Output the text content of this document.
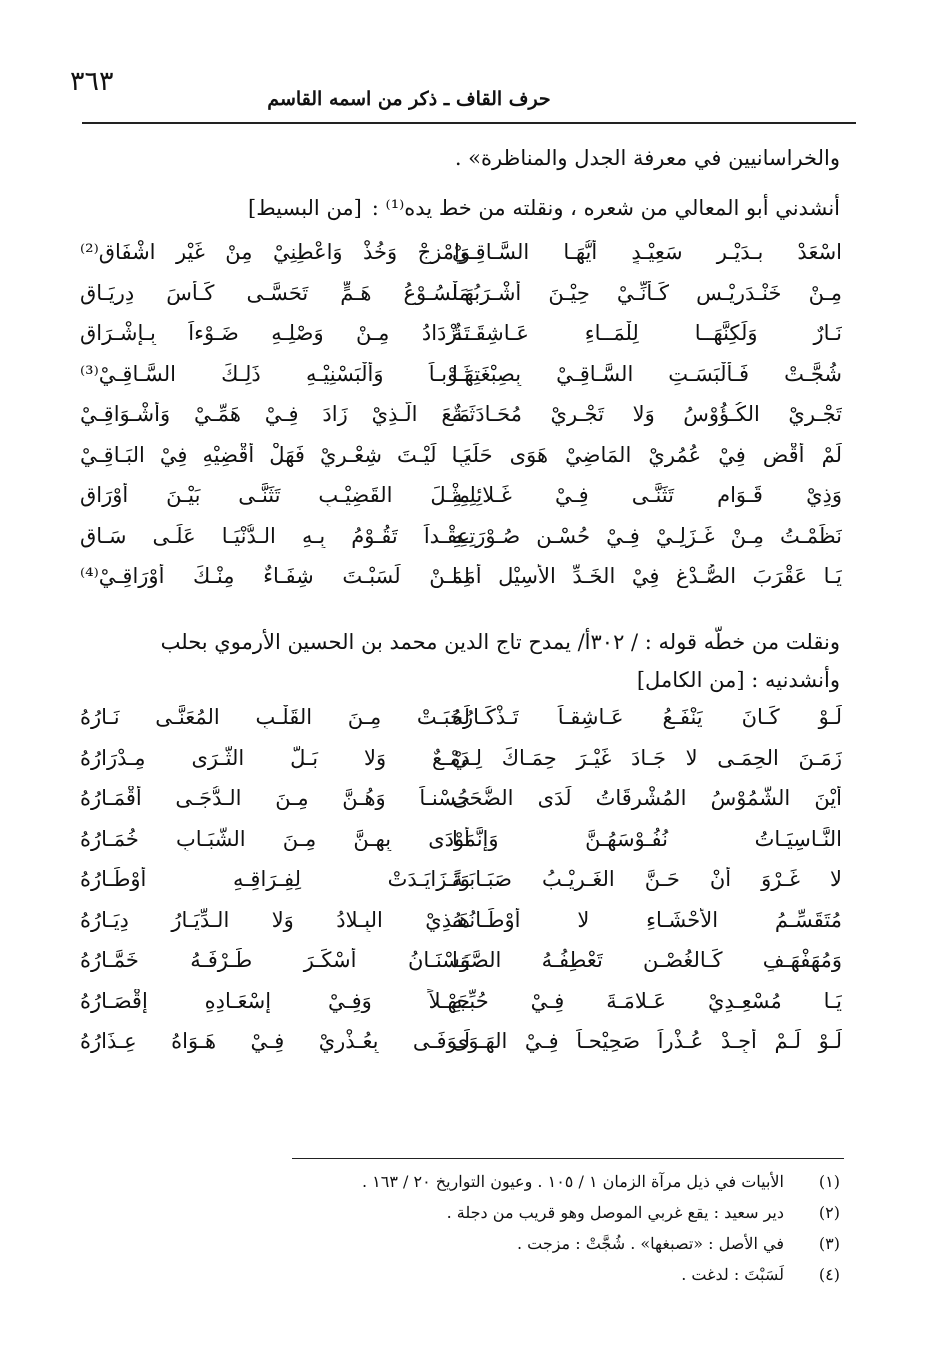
٣٦٣
حرف القاف ـ ذكر من اسمه القاسم
والخراسانيين في معرفة الجدل والمناظرة» .
أنشدني أبو المعالي من شعره ، ونقلته من خط يده⁽¹⁾ :
[من البسيط]
اسْعَدْ بـدَيْـرِ سَعِيْـدٍ أيُّهَـا السَّـاقِـيْ
وَامْزِجْ وَخُذْ وَاعْطِنِيْ مِنْ غَيْرِ اشْفَاقِ⁽²⁾
مِـنْ خَنْـدَرِيْـسٍ كَـأنِّـيْ حِيْـنَ أشْـرَبُهَـا
مَلْسُـوْعُ هَـمٍّ تَحَسَّـى كَـأسَ دِرِيَـاقِ
نَـارٌ وَلَكِنَّهَــا لِلْمَــاءِ عَـاشِقَــةٌ
تَـزْدَادُ مِـنْ وَصْلِـهِ ضَـوْءاً بِـإشْـرَاقِ
شُجَّـتْ فَـألْبَسَـتِ السَّـاقِـيْ بِصِبْغَتِهَـا
ثَـوْبـاً وَألْبَسْنِيْـهِ ذَلِـكَ السَّـاقِـيْ⁽³⁾
تَجْـرِيْ الكُـؤُوْسُ وَلا تَجْـرِيْ مُحَـادَثَـةٌ
مَـعَ الَّـذِيْ زَادَ فِـيْ هَمِّـيْ وَأشْـوَاقِـيْ
لَمْ أقْضِ فِيْ عُمُرِيْ المَاضِيْ هَوَى حَلَبٍ
يَـا لَيْـتَ شِعْـرِيْ فَهَلْ أقْضِيْهِ فِيْ البَـاقِـيْ
وَذِيْ قَـوَامٍ تَثَنَّـى فِـيْ غَـلائِلِـهِ
مِثْـلَ القَضِيْـبِ تَثَنَّـى بَيْـنَ أوْرَاقِ
نَظَمْـتُ مِـنْ غَـزَلِـيْ فِـيْ حُسْـنِ صُـوْرَتِـهِ
عِقْـداً تَقُـوْمُ بِـهِ الـدُّنْيَـا عَلَـى سَـاقِ
يَـا عَقْرَبَ الصُّـدْغِ فِيْ الخَـدِّ الأسِيْلِ أمَـا
لِمَـنْ لَسَبْـتَ شِفَـاءٌ مِنْـكَ أوْرَاقِـيْ⁽⁴⁾
ونقلت من خطّه قوله : / ٣٠٢أ/ يمدح تاج الدين محمد بن الحسين الأرموي بحلب
وأنشدنيه : [من الكامل]
لَـوْ كَـانَ يَنْفَـعُ عَـاشِقـاً تَـذْكَـارُهُ
لَخَبَـتْ مِـنَ القَلْـبِ المُعَنَّـى نَـارُهُ
زَمَـنَ الحِمَـى لا جَـادَ غَيْـرَ حِمَـاكَ لِـيْ
دَمْـعٌ وَلا بَـلَّ الثَّـرَى مِـدْرَارُهُ
أيْنَ الشُّمُوْسُ المُشْرِقَاتُ لَدَى الضُّحَى
حُسْنـاً وَهُـنَّ مِـنَ الـدُّجَـى أقْمَـارُهُ
النَّـاسِيَـاتُ نُفُـوْسَهُـنَّ وَإنَّمَـا
أوْدَى بِهِـنَّ مِـنَ الشَّبَـابِ خُمَـارُهُ
لا غَـرْوَ أنْ حَـنَّ الغَـرِيْـبُ صَبَـابَـةً
وَتَـزَايَـدَتْ لِفِـرَاقِـهِ أوْطَـارُهُ
مُتَقَسِّـمُ الأحْشَـاءِ لا أوْطَـانُـهُ
هَـذِيْ البِـلادُ وَلا الـدِّيَـارُ دِيَـارُهُ
وَمُهَفْهَـفٍ كَـالغُصْـنِ تَعْطِفُـهُ الصَّبَـا
وَسْنَـانُ أسْكَـرَ طَـرْفَـهُ خَمَّـارُهُ
يَـا مُسْعِـدِيْ عَـلامَـةَ فِـيْ حُبِّـهِ
جَهْـلاً وَفِـيْ إسْعَـادِهِ إقْصَـارُهُ
لَـوْ لَـمْ أجِـدْ عُـذْراً صَحِيْحـاً فِـيْ الهَـوَى
لَـوَفَـى بِعُـذْرِيْ فِـيْ هَـوَاهُ عِـذَارُهُ
(١)
الأبيات في ذيل مرآة الزمان ١ / ١٠٥ . وعيون التواريخ ٢٠ / ١٦٣ .
(٢)
دير سعيد : يقع غربي الموصل وهو قريب من دجلة .
(٣)
في الأصل : «تصبغها» . شُجَّتْ : مزجت .
(٤)
لَسَبْتَ : لدغت .
